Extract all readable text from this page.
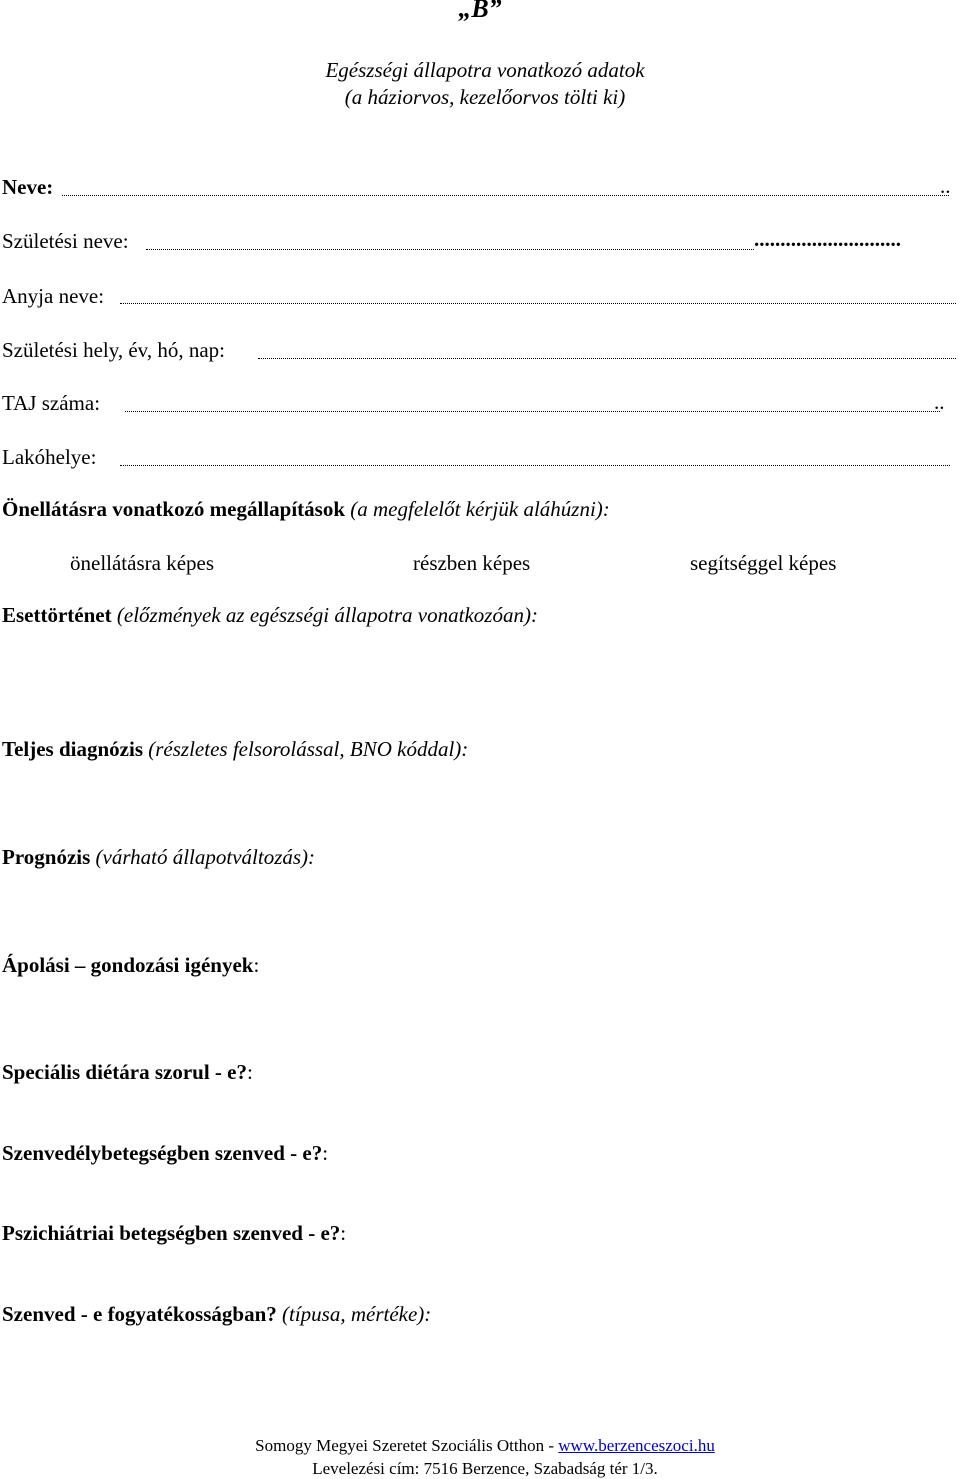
„B”
Egészségi állapotra vonatkozó adatok
(a háziorvos, kezelőorvos tölti ki)
Neve:	..
Születési neve:	............................
Anyja neve:
Születési hely, év, hó, nap:
TAJ száma:	..
Lakóhelye:
Önellátásra vonatkozó megállapítások (a megfelelőt kérjük aláhúzni):
önellátásra képes	részben képes	segítséggel képes
Esettörténet (előzmények az egészségi állapotra vonatkozóan):
Teljes diagnózis (részletes felsorolással, BNO kóddal):
Prognózis (várható állapotváltozás):
Ápolási – gondozási igények:
Speciális diétára szorul - e?:
Szenvedélybetegségben szenved - e?:
Pszichiátriai betegségben szenved - e?:
Szenved - e fogyatékosságban? (típusa, mértéke):
Somogy Megyei Szeretet Szociális Otthon - www.berzenceszoci.hu
Levelezési cím: 7516 Berzence, Szabadság tér 1/3.
